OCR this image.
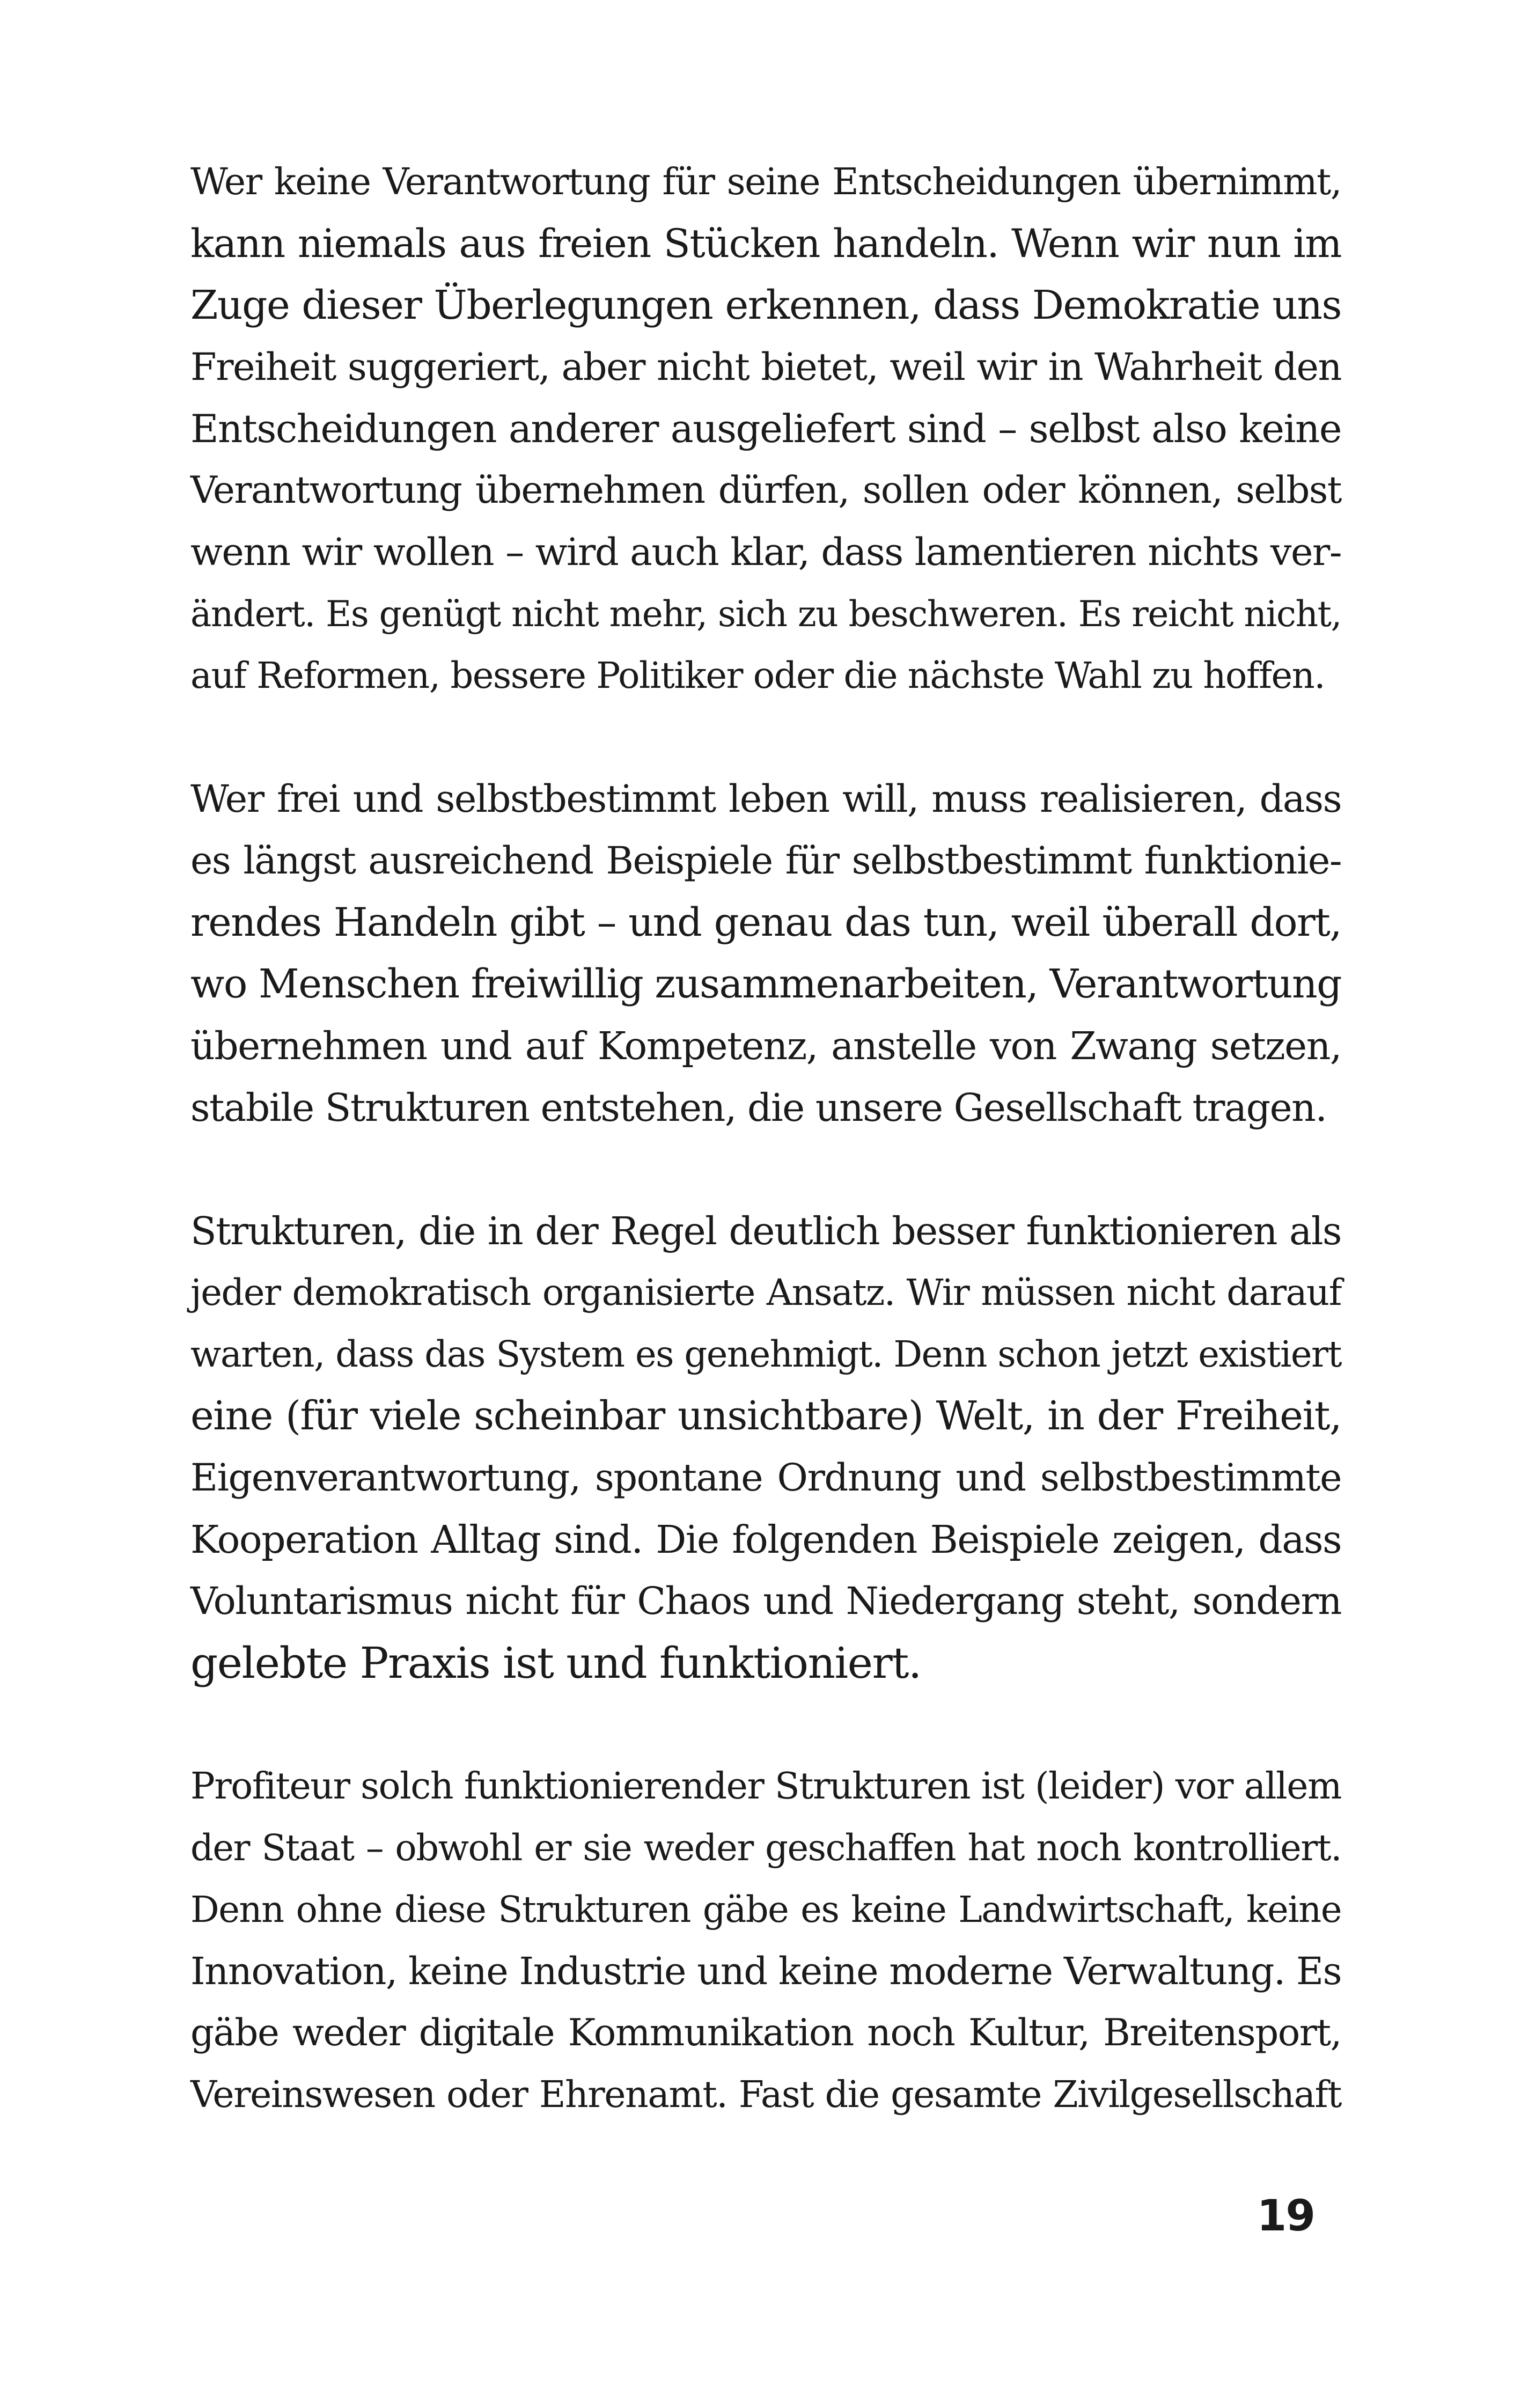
Wer keine Verantwortung für seine Entscheidungen übernimmt,
kann niemals aus freien Stücken handeln. Wenn wir nun im
Zuge dieser Überlegungen erkennen, dass Demokratie uns
Freiheit suggeriert, aber nicht bietet, weil wir in Wahrheit den
Entscheidungen anderer ausgeliefert sind – selbst also keine
Verantwortung übernehmen dürfen, sollen oder können, selbst
wenn wir wollen – wird auch klar, dass lamentieren nichts ver-
ändert. Es genügt nicht mehr, sich zu beschweren. Es reicht nicht,
auf Reformen, bessere Politiker oder die nächste Wahl zu hoffen.
Wer frei und selbstbestimmt leben will, muss realisieren, dass
es längst ausreichend Beispiele für selbstbestimmt funktionie-
rendes Handeln gibt – und genau das tun, weil überall dort,
wo Menschen freiwillig zusammenarbeiten, Verantwortung
übernehmen und auf Kompetenz, anstelle von Zwang setzen,
stabile Strukturen entstehen, die unsere Gesellschaft tragen.
Strukturen, die in der Regel deutlich besser funktionieren als
jeder demokratisch organisierte Ansatz. Wir müssen nicht darauf
warten, dass das System es genehmigt. Denn schon jetzt existiert
eine (für viele scheinbar unsichtbare) Welt, in der Freiheit,
Eigenverantwortung, spontane Ordnung und selbstbestimmte
Kooperation Alltag sind. Die folgenden Beispiele zeigen, dass
Voluntarismus nicht für Chaos und Niedergang steht, sondern
gelebte Praxis ist und funktioniert.
Profiteur solch funktionierender Strukturen ist (leider) vor allem
der Staat – obwohl er sie weder geschaffen hat noch kontrolliert.
Denn ohne diese Strukturen gäbe es keine Landwirtschaft, keine
Innovation, keine Industrie und keine moderne Verwaltung. Es
gäbe weder digitale Kommunikation noch Kultur, Breitensport,
Vereinswesen oder Ehrenamt. Fast die gesamte Zivilgesellschaft
19
